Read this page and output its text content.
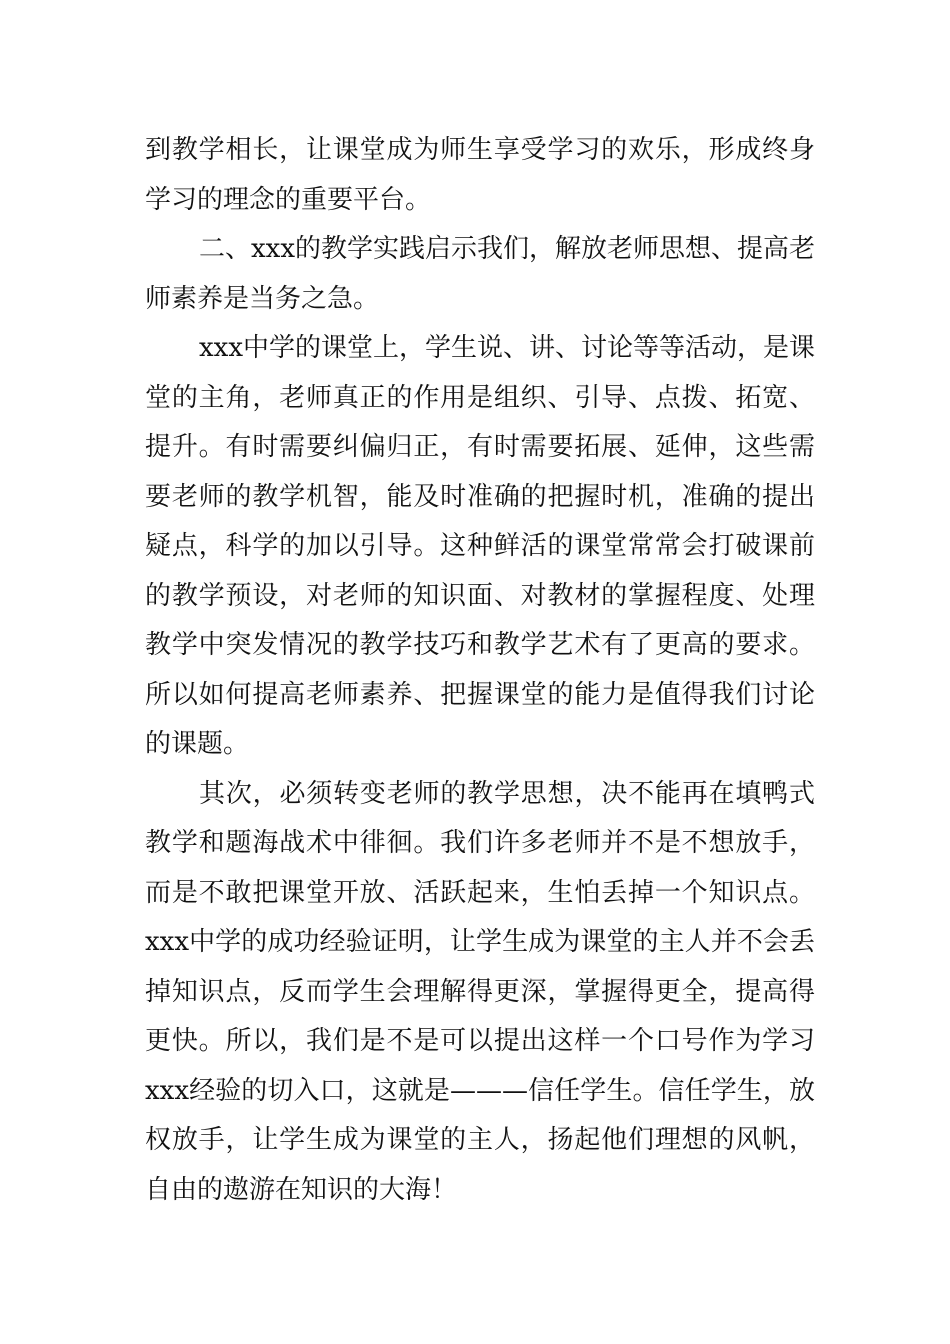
到教学相长，让课堂成为师生享受学习的欢乐，形成终身学习的理念的重要平台。

二、xxx的教学实践启示我们，解放老师思想、提高老师素养是当务之急。

xxx中学的课堂上，学生说、讲、讨论等等活动，是课堂的主角，老师真正的作用是组织、引导、点拨、拓宽、提升。有时需要纠偏归正，有时需要拓展、延伸，这些需要老师的教学机智，能及时准确的把握时机，准确的提出疑点，科学的加以引导。这种鲜活的课堂常常会打破课前的教学预设，对老师的知识面、对教材的掌握程度、处理教学中突发情况的教学技巧和教学艺术有了更高的要求。所以如何提高老师素养、把握课堂的能力是值得我们讨论的课题。

其次，必须转变老师的教学思想，决不能再在填鸭式教学和题海战术中徘徊。我们许多老师并不是不想放手，而是不敢把课堂开放、活跃起来，生怕丢掉一个知识点。xxx中学的成功经验证明，让学生成为课堂的主人并不会丢掉知识点，反而学生会理解得更深，掌握得更全，提高得更快。所以，我们是不是可以提出这样一个口号作为学习xxx经验的切入口，这就是———信任学生。信任学生，放权放手，让学生成为课堂的主人，扬起他们理想的风帆，自由的遨游在知识的大海！
